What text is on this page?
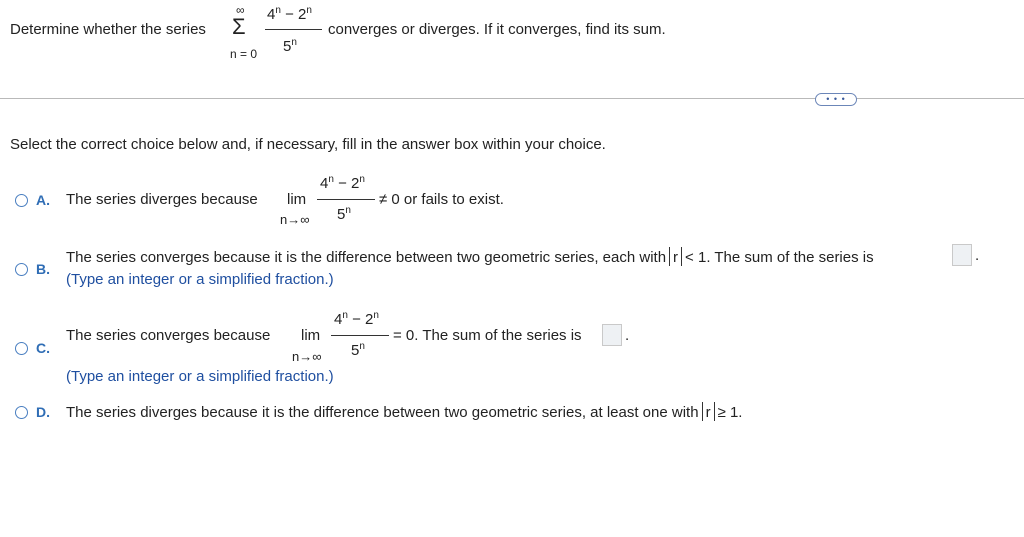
Determine whether the series
∞
Σ
n = 0
$4^n - 2^n$
5$^n$
converges or diverges. If it converges, find its sum.
• • •
Select the correct choice below and, if necessary, fill in the answer box within your choice.
A. The series diverges because lim
n→∞
$4^n - 2^n$
$5^n$
≠ 0 or fails to exist.
B.
The series converges because it is the difference between two geometric series, each with r < 1. The sum of the series is	.
(Type an integer or a simplified fraction.)
C.
The series converges because lim
n→∞
$4^n - 2^n$
$5^n$
= 0. The sum of the series is	.
(Type an integer or a simplified fraction.)
D. The series diverges because it is the difference between two geometric series, at least one with r ≥ 1.
